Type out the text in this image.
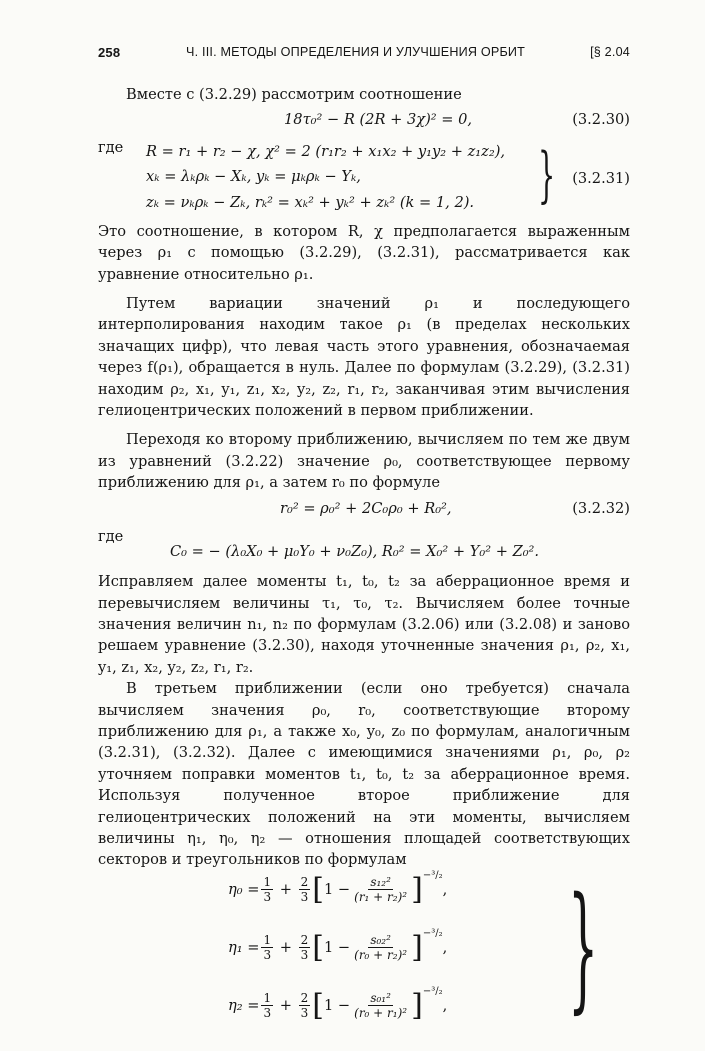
258	Ч. III. МЕТОДЫ ОПРЕДЕЛЕНИЯ И УЛУЧШЕНИЯ ОРБИТ	[§ 2.04

Вместе с (3.2.29) рассмотрим соотношение

18τ₀² − R (2R + 3χ)² = 0,	(3.2.30)

где	R = r₁ + r₂ − χ, χ² = 2 (r₁r₂ + x₁x₂ + y₁y₂ + z₁z₂),
xₖ = λₖρₖ − Xₖ, yₖ = μₖρₖ − Yₖ,
zₖ = νₖρₖ − Zₖ, rₖ² = xₖ² + yₖ² + zₖ² (k = 1, 2). } (3.2.31)

Это соотношение, в котором R, χ предполагается выраженным через ρ₁ с помощью (3.2.29), (3.2.31), рассматривается как уравнение относительно ρ₁.

Путем вариации значений ρ₁ и последующего интерполирования находим такое ρ₁ (в пределах нескольких значащих цифр), что левая часть этого уравнения, обозначаемая через f(ρ₁), обращается в нуль. Далее по формулам (3.2.29), (3.2.31) находим ρ₂, x₁, y₁, z₁, x₂, y₂, z₂, r₁, r₂, заканчивая этим вычисления гелиоцентрических положений в первом приближении.

Переходя ко второму приближению, вычисляем по тем же двум из уравнений (3.2.22) значение ρ₀, соответствующее первому приближению для ρ₁, а затем r₀ по формуле

r₀² = ρ₀² + 2C₀ρ₀ + R₀²,	(3.2.32)

где

C₀ = − (λ₀X₀ + μ₀Y₀ + ν₀Z₀), R₀² = X₀² + Y₀² + Z₀².

Исправляем далее моменты t₁, t₀, t₂ за аберрационное время и перевычисляем величины τ₁, τ₀, τ₂. Вычисляем более точные значения величин n₁, n₂ по формулам (3.2.06) или (3.2.08) и заново решаем уравнение (3.2.30), находя уточненные значения ρ₁, ρ₂, x₁, y₁, z₁, x₂, y₂, z₂, r₁, r₂.

В третьем приближении (если оно требуется) сначала вычисляем значения ρ₀, r₀, соответствующие второму приближению для ρ₁, а также x₀, y₀, z₀ по формулам, аналогичным (3.2.31), (3.2.32). Далее с имеющимися значениями ρ₁, ρ₀, ρ₂ уточняем поправки моментов t₁, t₀, t₂ за аберрационное время. Используя полученное второе приближение для гелиоцентрических положений на эти моменты, вычисляем величины η₁, η₀, η₂ — отношения площадей соответствующих секторов и треугольников по формулам

$\eta_0 = \frac{1}{3} + \frac{2}{3}$ [ $1 - \frac{\text{s₁₂²}}{\text{(r₁ + r₂)²}} ]^{-^3/_2}$
,
$\eta_1 = \frac{1}{3} + \frac{2}{3}$ [ $1 - \frac{\text{s₀₂²}}{\text{(r₀ + r₂)²}} ]^{-^3/_2}$
,
$\eta_2 = \frac{1}{3} + \frac{2}{3}$ [ $1 - \frac{\text{s₀₁²}}{\text{(r₀ + r₁)²}} ]^{-^3/_2}$
, }
